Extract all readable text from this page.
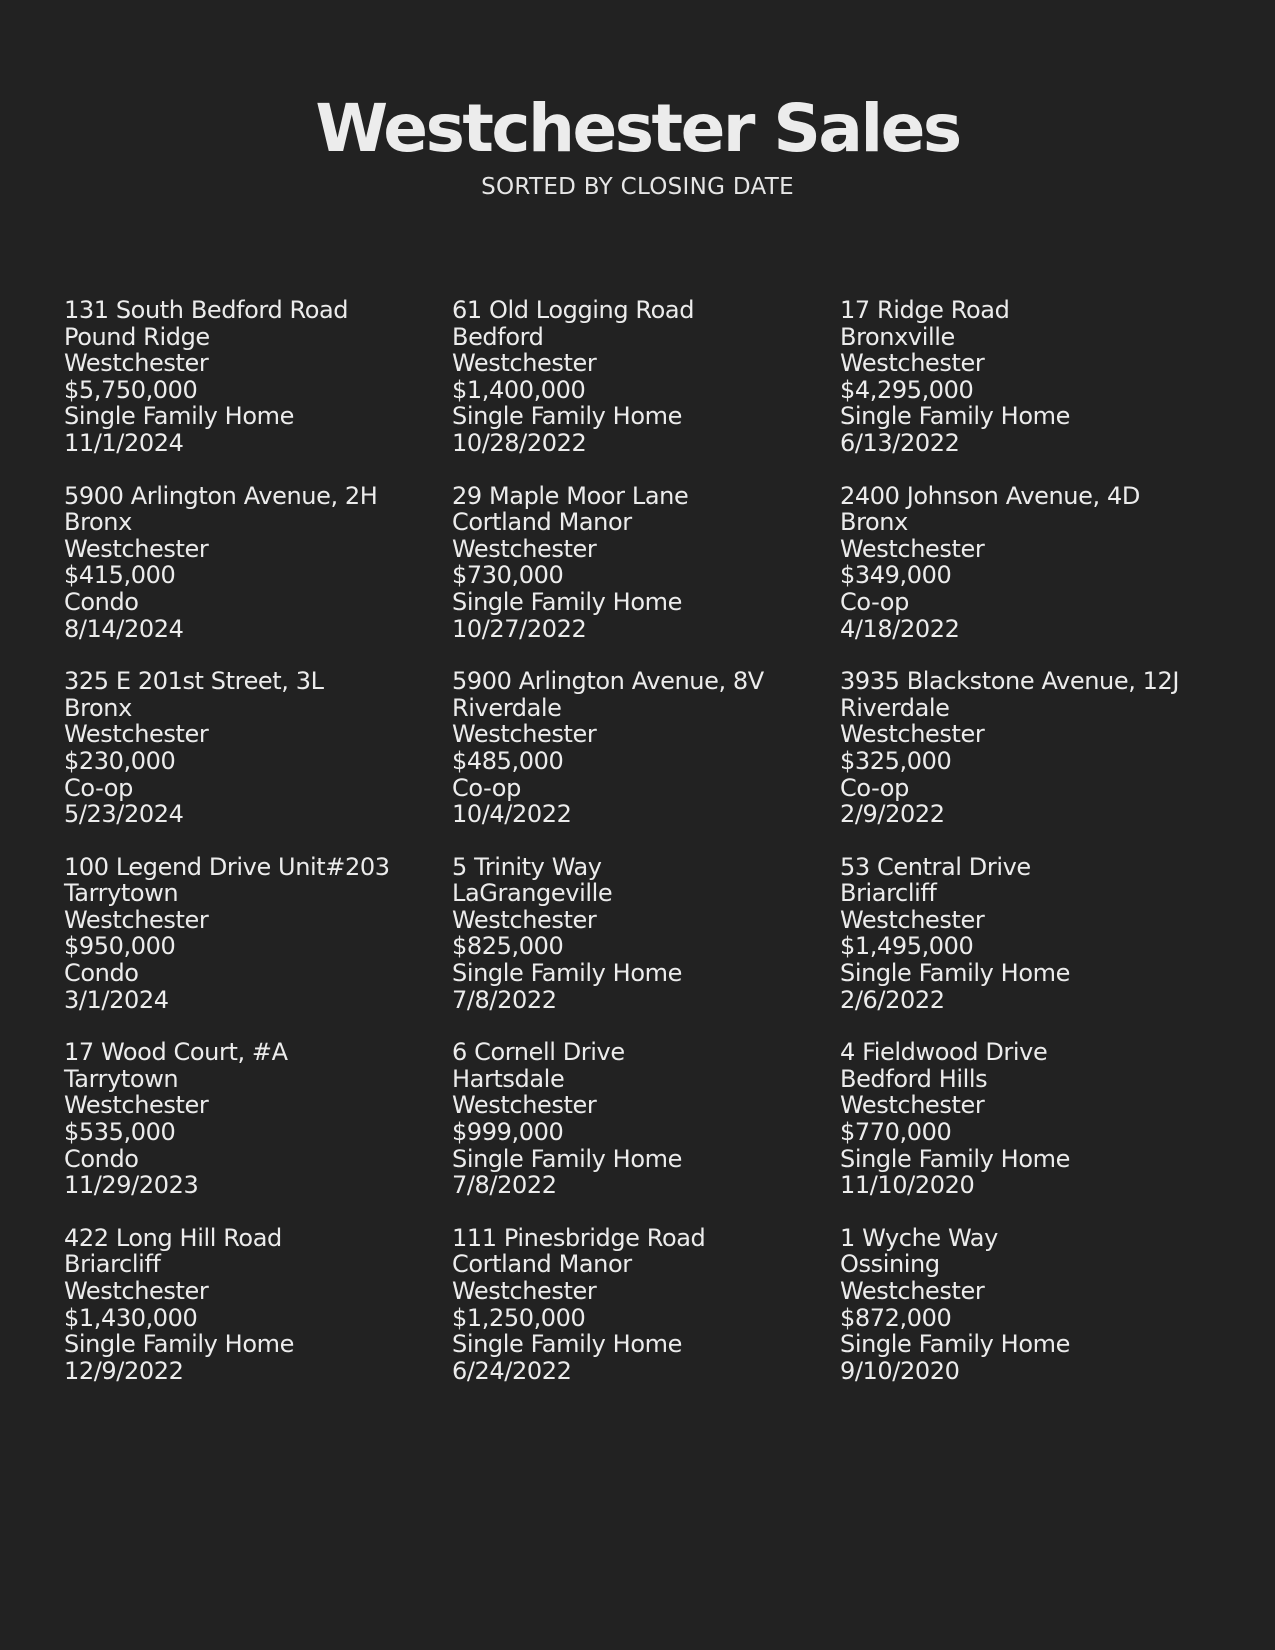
Westchester Sales

SORTED BY CLOSING DATE

131 South Bedford Road
Pound Ridge
Westchester
$5,750,000
Single Family Home
11/1/2024
61 Old Logging Road
Bedford
Westchester
$1,400,000
Single Family Home
10/28/2022
17 Ridge Road
Bronxville
Westchester
$4,295,000
Single Family Home
6/13/2022
5900 Arlington Avenue, 2H
Bronx
Westchester
$415,000
Condo
8/14/2024
29 Maple Moor Lane
Cortland Manor
Westchester
$730,000
Single Family Home
10/27/2022
2400 Johnson Avenue, 4D
Bronx
Westchester
$349,000
Co-op
4/18/2022
325 E 201st Street, 3L
Bronx
Westchester
$230,000
Co-op
5/23/2024
5900 Arlington Avenue, 8V
Riverdale
Westchester
$485,000
Co-op
10/4/2022
3935 Blackstone Avenue, 12J
Riverdale
Westchester
$325,000
Co-op
2/9/2022
100 Legend Drive Unit#203
Tarrytown
Westchester
$950,000
Condo
3/1/2024
5 Trinity Way
LaGrangeville
Westchester
$825,000
Single Family Home
7/8/2022
53 Central Drive
Briarcliff
Westchester
$1,495,000
Single Family Home
2/6/2022
17 Wood Court, #A
Tarrytown
Westchester
$535,000
Condo
11/29/2023
6 Cornell Drive
Hartsdale
Westchester
$999,000
Single Family Home
7/8/2022
4 Fieldwood Drive
Bedford Hills
Westchester
$770,000
Single Family Home
11/10/2020
422 Long Hill Road
Briarcliff
Westchester
$1,430,000
Single Family Home
12/9/2022
111 Pinesbridge Road
Cortland Manor
Westchester
$1,250,000
Single Family Home
6/24/2022
1 Wyche Way
Ossining
Westchester
$872,000
Single Family Home
9/10/2020
